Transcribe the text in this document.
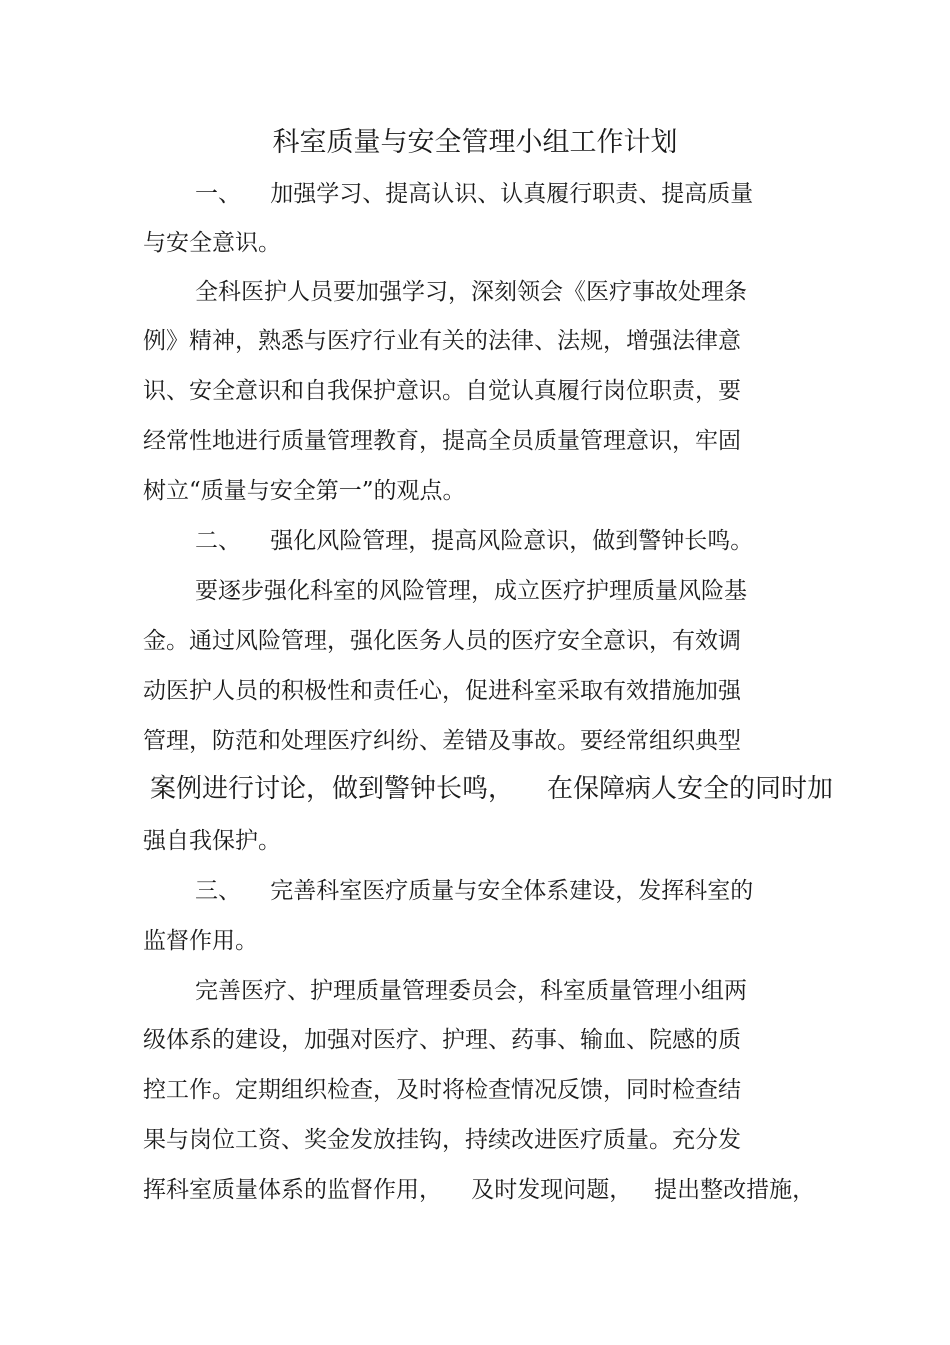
科室质量与安全管理小组工作计划
一、    加强学习、提高认识、认真履行职责、提高质量
与安全意识。
全科医护人员要加强学习，深刻领会《医疗事故处理条
例》精神，熟悉与医疗行业有关的法律、法规，增强法律意
识、安全意识和自我保护意识。自觉认真履行岗位职责，要
经常性地进行质量管理教育，提高全员质量管理意识，牢固
树立“质量与安全第一”的观点。
二、    强化风险管理，提高风险意识，做到警钟长鸣。
要逐步强化科室的风险管理，成立医疗护理质量风险基
金。通过风险管理，强化医务人员的医疗安全意识，有效调
动医护人员的积极性和责任心，促进科室采取有效措施加强
管理，防范和处理医疗纠纷、差错及事故。要经常组织典型
案例进行讨论，做到警钟长鸣，    在保障病人安全的同时加
强自我保护。
三、    完善科室医疗质量与安全体系建设，发挥科室的
监督作用。
完善医疗、护理质量管理委员会，科室质量管理小组两
级体系的建设，加强对医疗、护理、药事、输血、院感的质
控工作。定期组织检查，及时将检查情况反馈，同时检查结
果与岗位工资、奖金发放挂钩，持续改进医疗质量。充分发
挥科室质量体系的监督作用，    及时发现问题，   提出整改措施，
